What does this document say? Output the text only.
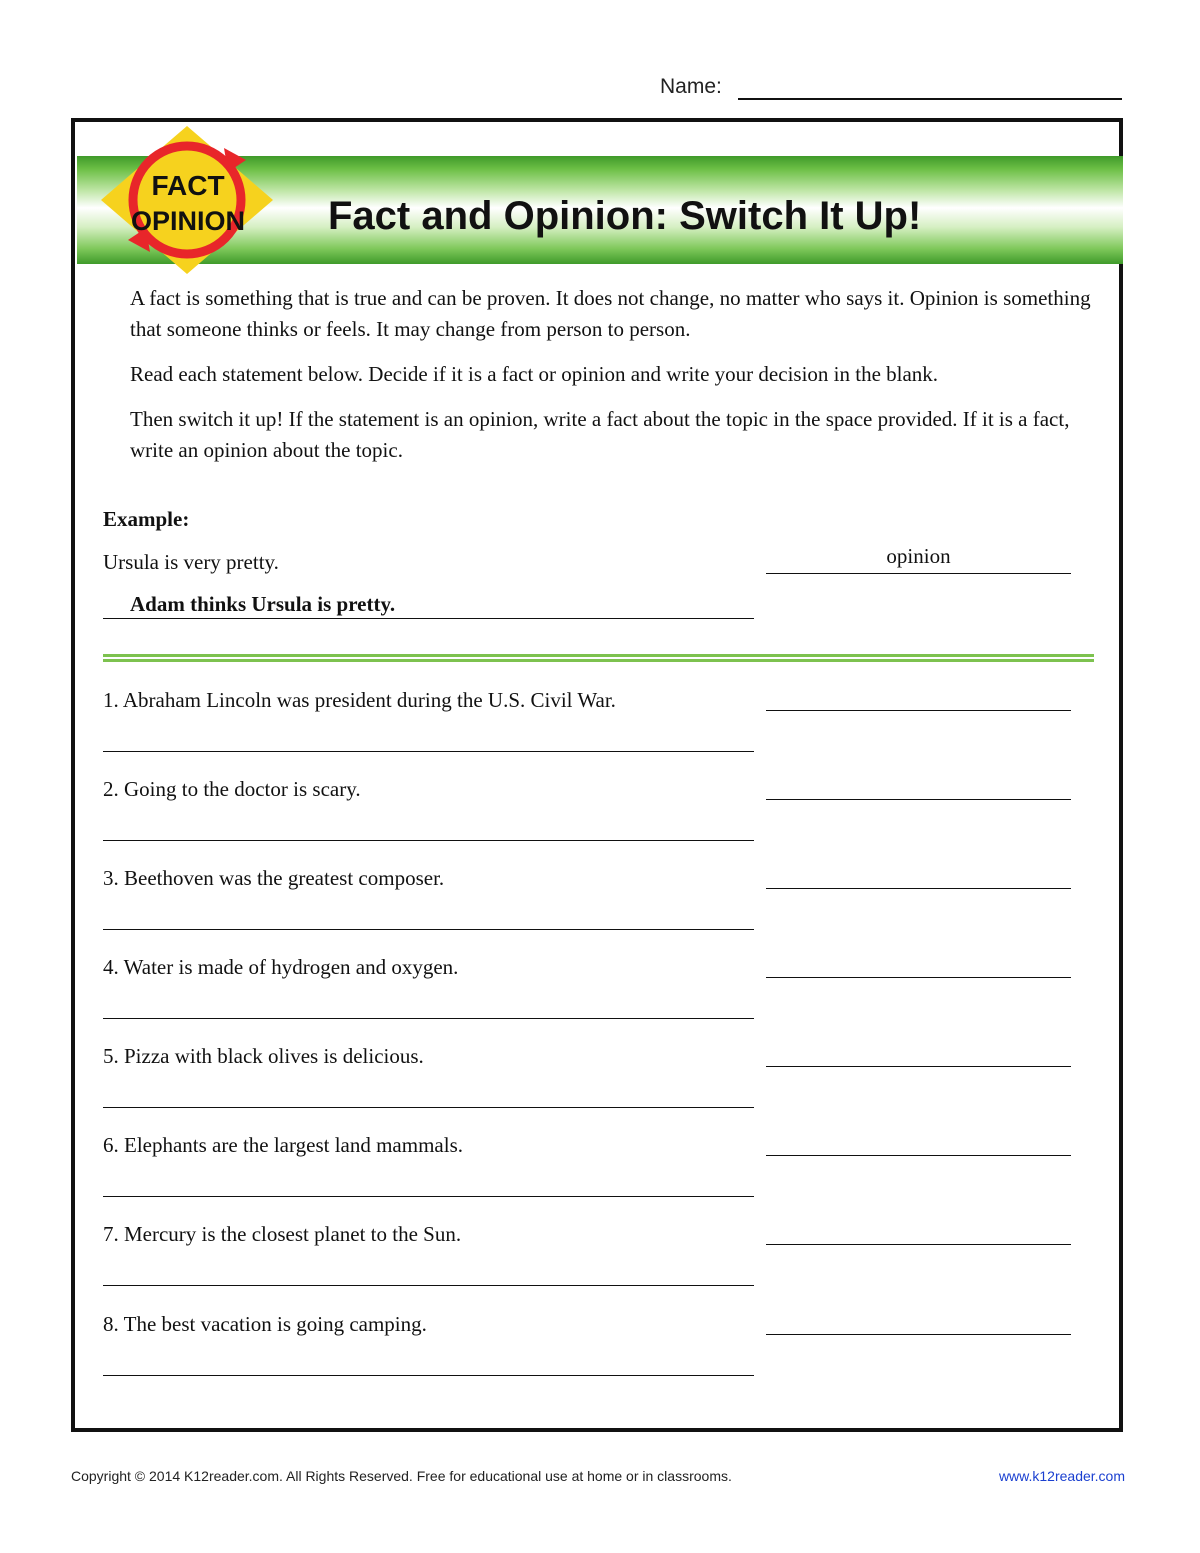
Name:
FACT
OPINION Fact and Opinion: Switch It Up!

A fact is something that is true and can be proven. It does not change, no matter who says it. Opinion is something that someone thinks or feels. It may change from person to person.

Read each statement below. Decide if it is a fact or opinion and write your decision in the blank.

Then switch it up! If the statement is an opinion, write a fact about the topic in the space provided. If it is a fact, write an opinion about the topic.

Example:
Ursula is very pretty.	opinion
Adam thinks Ursula is pretty.
1. Abraham Lincoln was president during the U.S. Civil War.
2. Going to the doctor is scary.
3. Beethoven was the greatest composer.
4. Water is made of hydrogen and oxygen.
5. Pizza with black olives is delicious.
6. Elephants are the largest land mammals.
7. Mercury is the closest planet to the Sun.
8. The best vacation is going camping.
Copyright © 2014 K12reader.com. All Rights Reserved. Free for educational use at home or in classrooms.	www.k12reader.com
